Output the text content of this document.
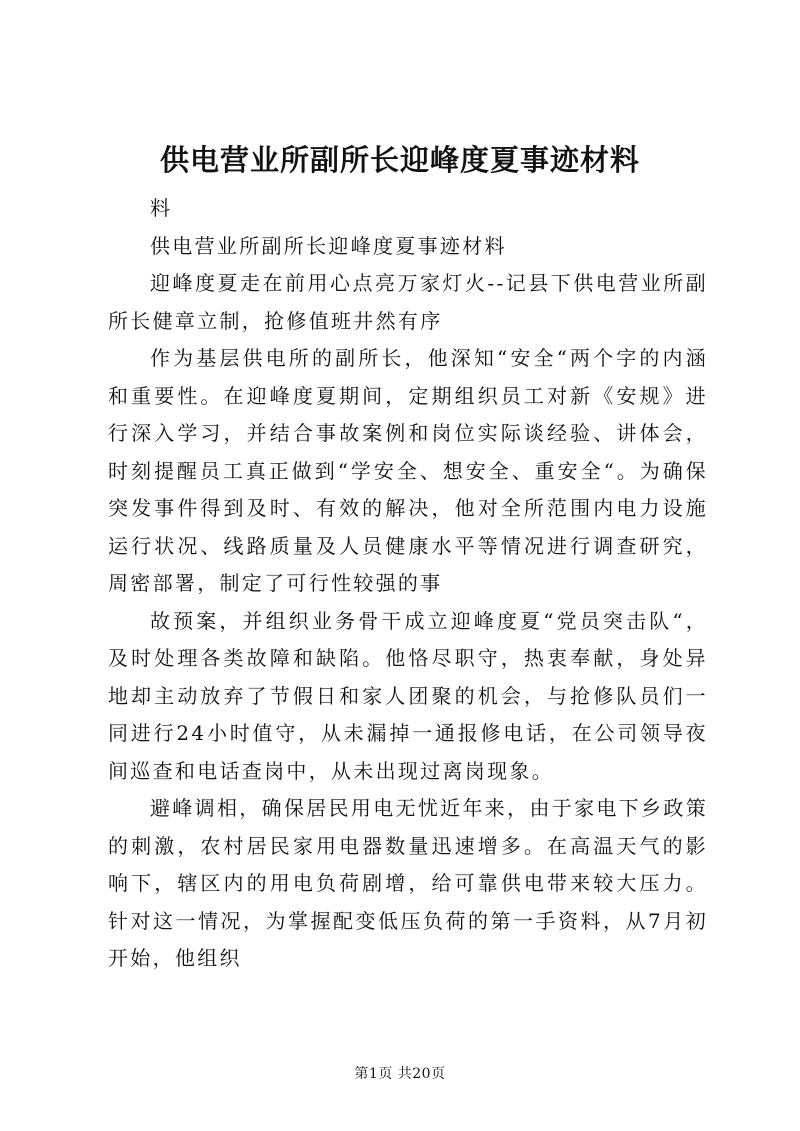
供电营业所副所长迎峰度夏事迹材料

料

供电营业所副所长迎峰度夏事迹材料

迎峰度夏走在前用心点亮万家灯火--记县下供电营业所副所长健章立制，抢修值班井然有序

作为基层供电所的副所长，他深知“安全“两个字的内涵和重要性。在迎峰度夏期间，定期组织员工对新《安规》进行深入学习，并结合事故案例和岗位实际谈经验、讲体会，时刻提醒员工真正做到“学安全、想安全、重安全“。为确保突发事件得到及时、有效的解决，他对全所范围内电力设施运行状况、线路质量及人员健康水平等情况进行调查研究，周密部署，制定了可行性较强的事

故预案，并组织业务骨干成立迎峰度夏“党员突击队“，及时处理各类故障和缺陷。他恪尽职守，热衷奉献，身处异地却主动放弃了节假日和家人团聚的机会，与抢修队员们一同进行24小时值守，从未漏掉一通报修电话，在公司领导夜间巡查和电话查岗中，从未出现过离岗现象。

避峰调相，确保居民用电无忧近年来，由于家电下乡政策的刺激，农村居民家用电器数量迅速增多。在高温天气的影响下，辖区内的用电负荷剧增，给可靠供电带来较大压力。针对这一情况，为掌握配变低压负荷的第一手资料，从7月初开始，他组织

第1页 共20页
